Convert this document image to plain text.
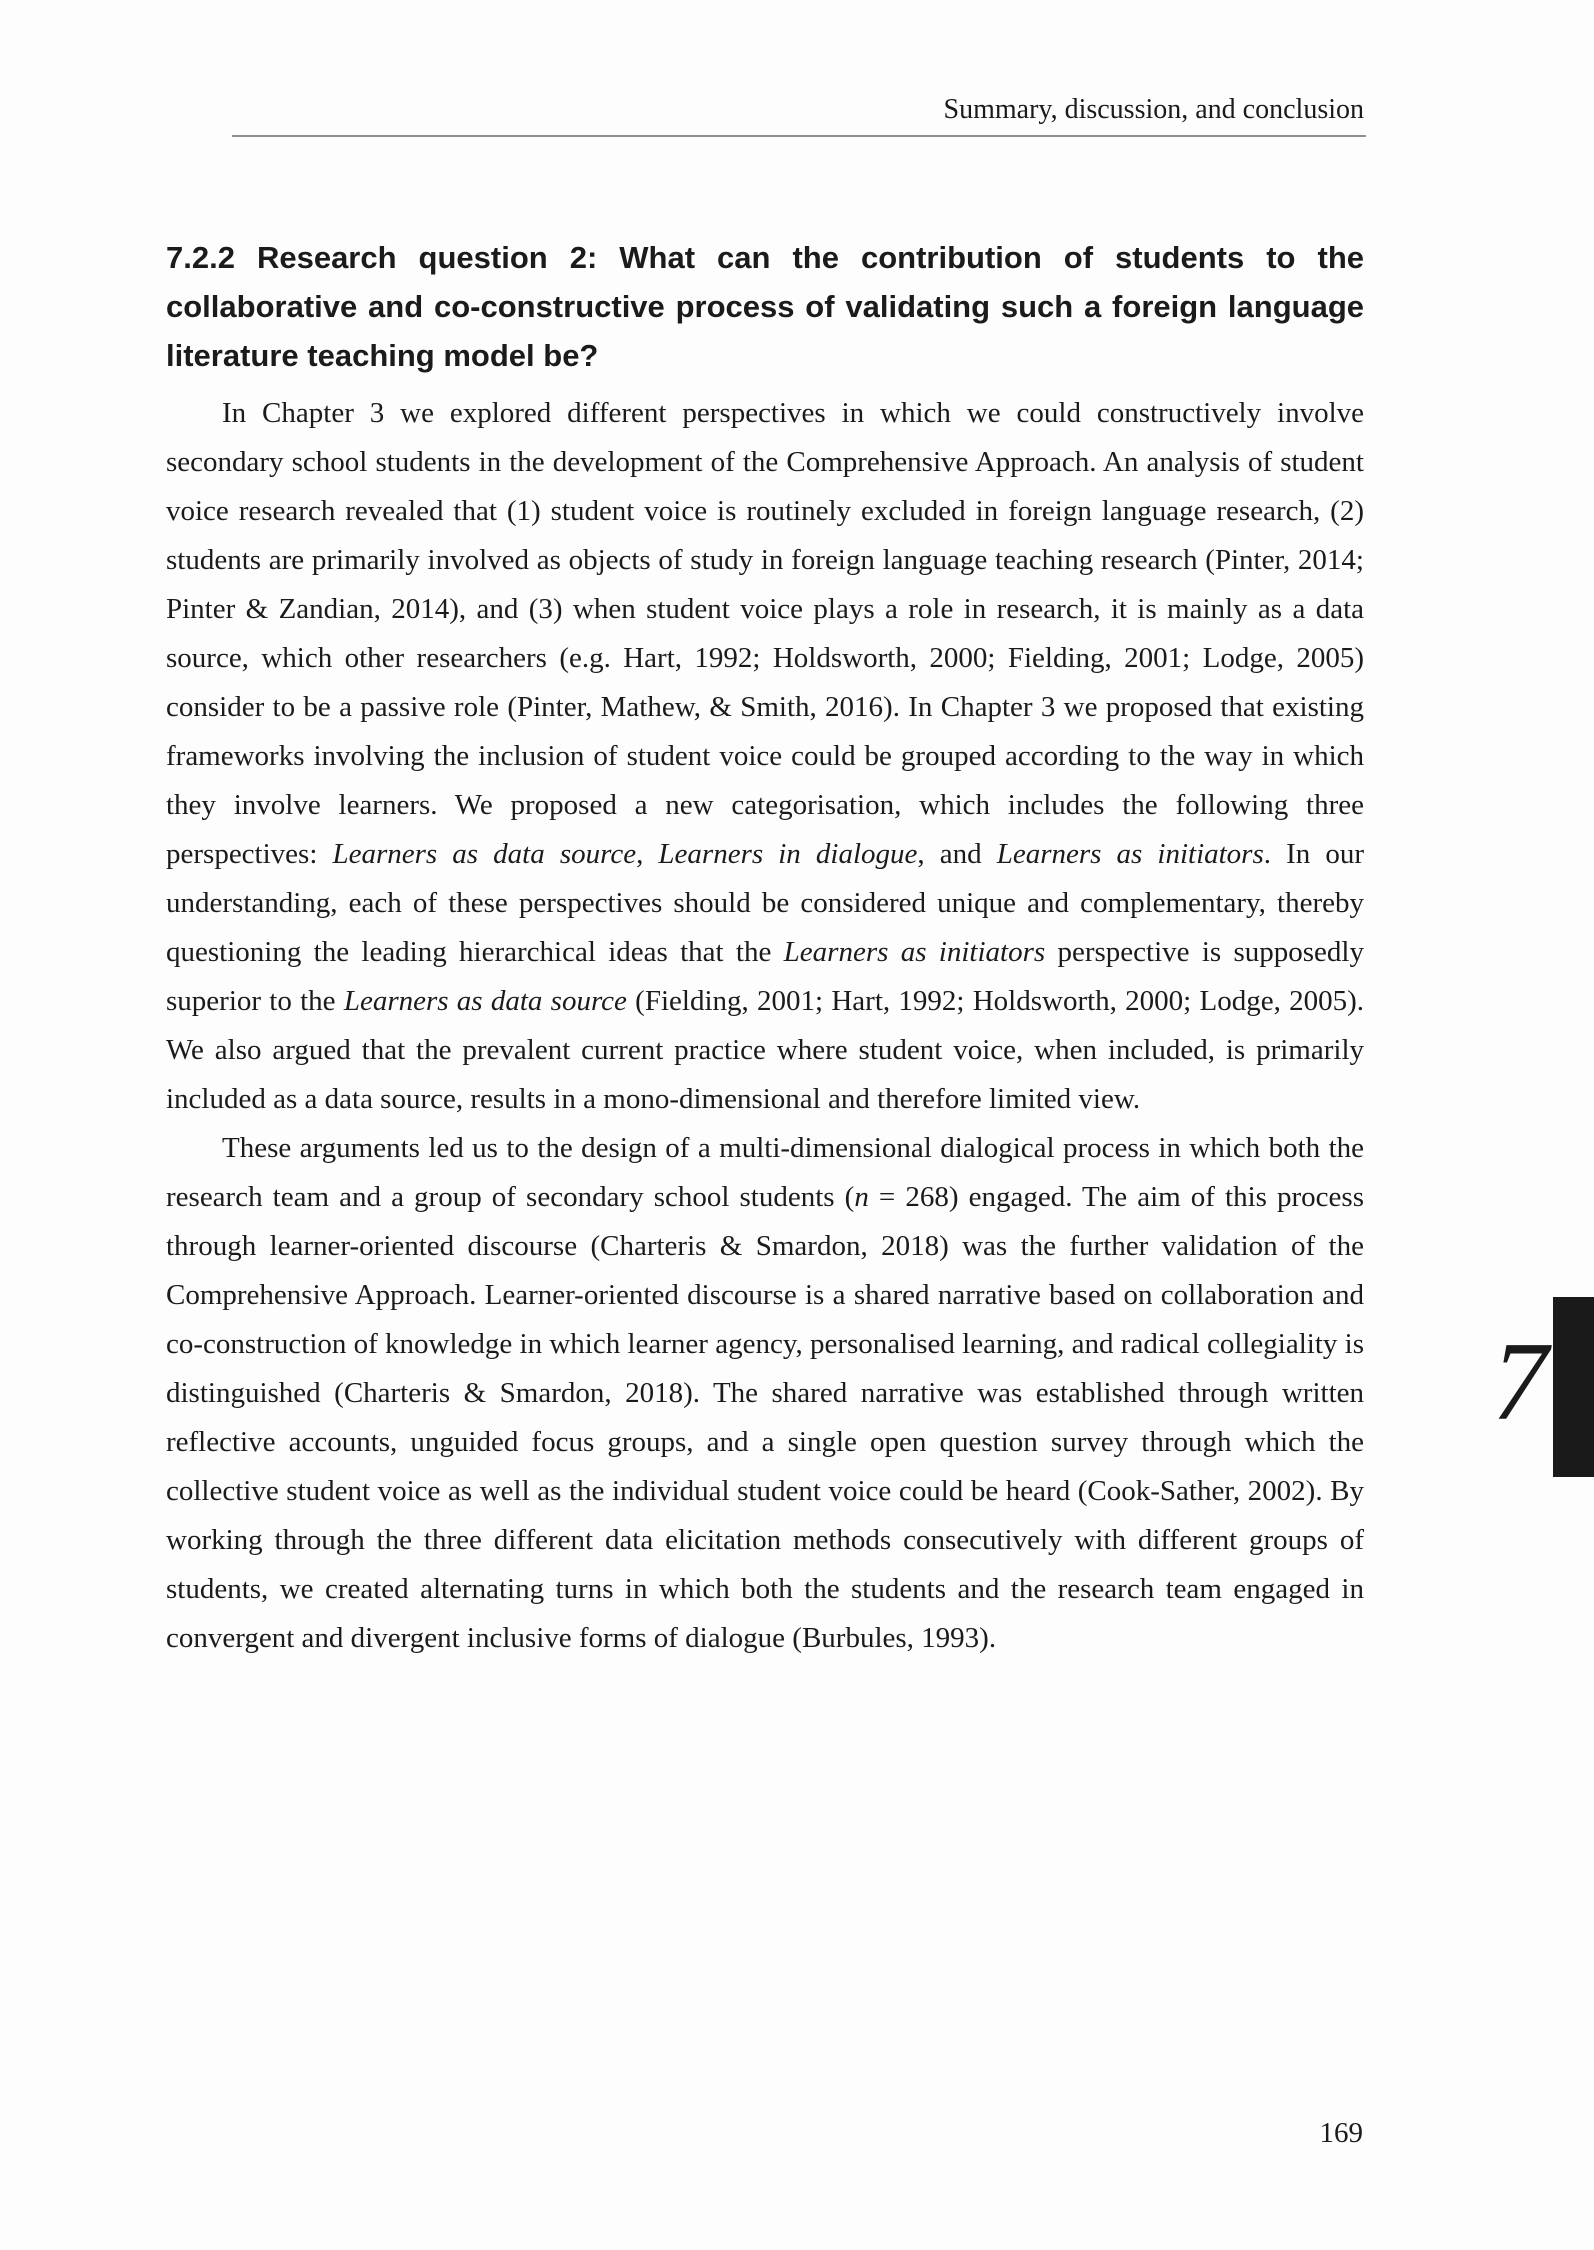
Summary, discussion, and conclusion
7.2.2 Research question 2: What can the contribution of students to the collaborative and co-constructive process of validating such a foreign language literature teaching model be?

In Chapter 3 we explored different perspectives in which we could constructively involve secondary school students in the development of the Comprehensive Approach. An analysis of student voice research revealed that (1) student voice is routinely excluded in foreign language research, (2) students are primarily involved as objects of study in foreign language teaching research (Pinter, 2014; Pinter & Zandian, 2014), and (3) when student voice plays a role in research, it is mainly as a data source, which other researchers (e.g. Hart, 1992; Holdsworth, 2000; Fielding, 2001; Lodge, 2005) consider to be a passive role (Pinter, Mathew, & Smith, 2016). In Chapter 3 we proposed that existing frameworks involving the inclusion of student voice could be grouped according to the way in which they involve learners. We proposed a new categorisation, which includes the following three perspectives: Learners as data source, Learners in dialogue, and Learners as initiators. In our understanding, each of these perspectives should be considered unique and complementary, thereby questioning the leading hierarchical ideas that the Learners as initiators perspective is supposedly superior to the Learners as data source (Fielding, 2001; Hart, 1992; Holdsworth, 2000; Lodge, 2005). We also argued that the prevalent current practice where student voice, when included, is primarily included as a data source, results in a mono-dimensional and therefore limited view.

These arguments led us to the design of a multi-dimensional dialogical process in which both the research team and a group of secondary school students (n = 268) engaged. The aim of this process through learner-oriented discourse (Charteris & Smardon, 2018) was the further validation of the Comprehensive Approach. Learner-oriented discourse is a shared narrative based on collaboration and co-construction of knowledge in which learner agency, personalised learning, and radical collegiality is distinguished (Charteris & Smardon, 2018). The shared narrative was established through written reflective accounts, unguided focus groups, and a single open question survey through which the collective student voice as well as the individual student voice could be heard (Cook-Sather, 2002). By working through the three different data elicitation methods consecutively with different groups of students, we created alternating turns in which both the students and the research team engaged in convergent and divergent inclusive forms of dialogue (Burbules, 1993).

7
169
